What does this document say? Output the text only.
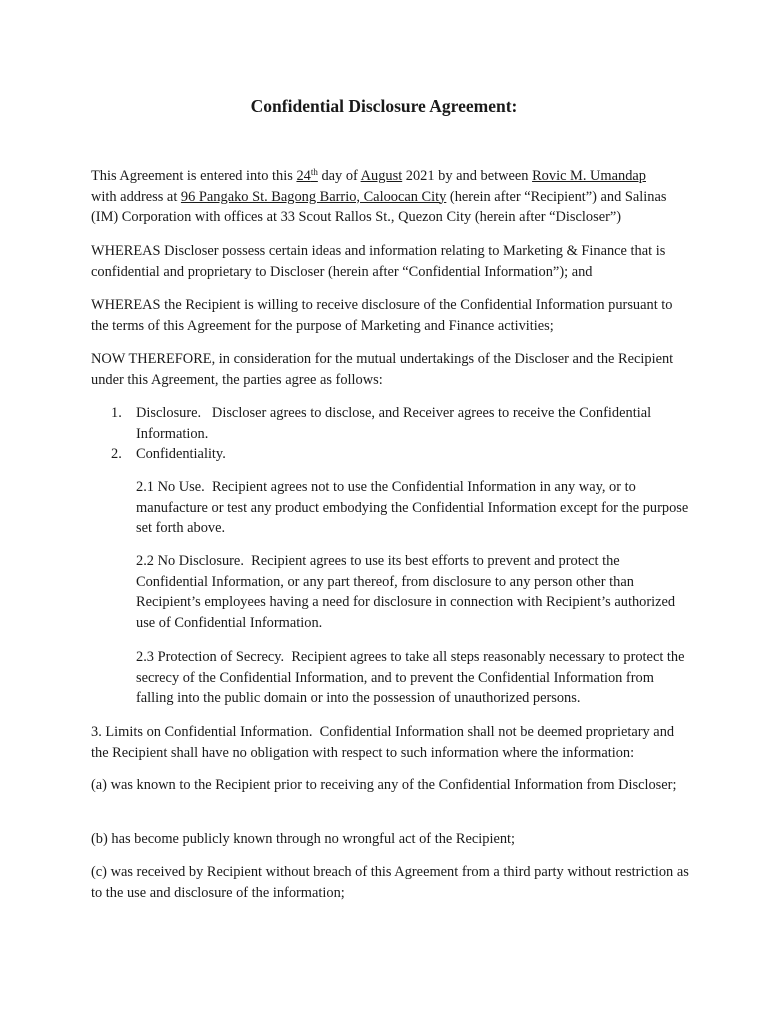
Confidential Disclosure Agreement:

This Agreement is entered into this 24th day of August 2021 by and between Rovic M. Umandap
with address at 96 Pangako St. Bagong Barrio, Caloocan City (herein after “Recipient”) and Salinas (IM) Corporation with offices at 33 Scout Rallos St., Quezon City (herein after “Discloser”)

WHEREAS Discloser possess certain ideas and information relating to Marketing & Finance that is confidential and proprietary to Discloser (herein after “Confidential Information”); and

WHEREAS the Recipient is willing to receive disclosure of the Confidential Information pursuant to the terms of this Agreement for the purpose of Marketing and Finance activities;

NOW THEREFORE, in consideration for the mutual undertakings of the Discloser and the Recipient under this Agreement, the parties agree as follows:

1. Disclosure.   Discloser agrees to disclose, and Receiver agrees to receive the Confidential Information.
2. Confidentiality.

2.1 No Use.  Recipient agrees not to use the Confidential Information in any way, or to manufacture or test any product embodying the Confidential Information except for the purpose set forth above.

2.2 No Disclosure.  Recipient agrees to use its best efforts to prevent and protect the Confidential Information, or any part thereof, from disclosure to any person other than Recipient’s employees having a need for disclosure in connection with Recipient’s authorized use of Confidential Information.

2.3 Protection of Secrecy.  Recipient agrees to take all steps reasonably necessary to protect the secrecy of the Confidential Information, and to prevent the Confidential Information from falling into the public domain or into the possession of unauthorized persons.

3. Limits on Confidential Information.  Confidential Information shall not be deemed proprietary and the Recipient shall have no obligation with respect to such information where the information:

(a) was known to the Recipient prior to receiving any of the Confidential Information from Discloser;

(b) has become publicly known through no wrongful act of the Recipient;

(c) was received by Recipient without breach of this Agreement from a third party without restriction as to the use and disclosure of the information;
